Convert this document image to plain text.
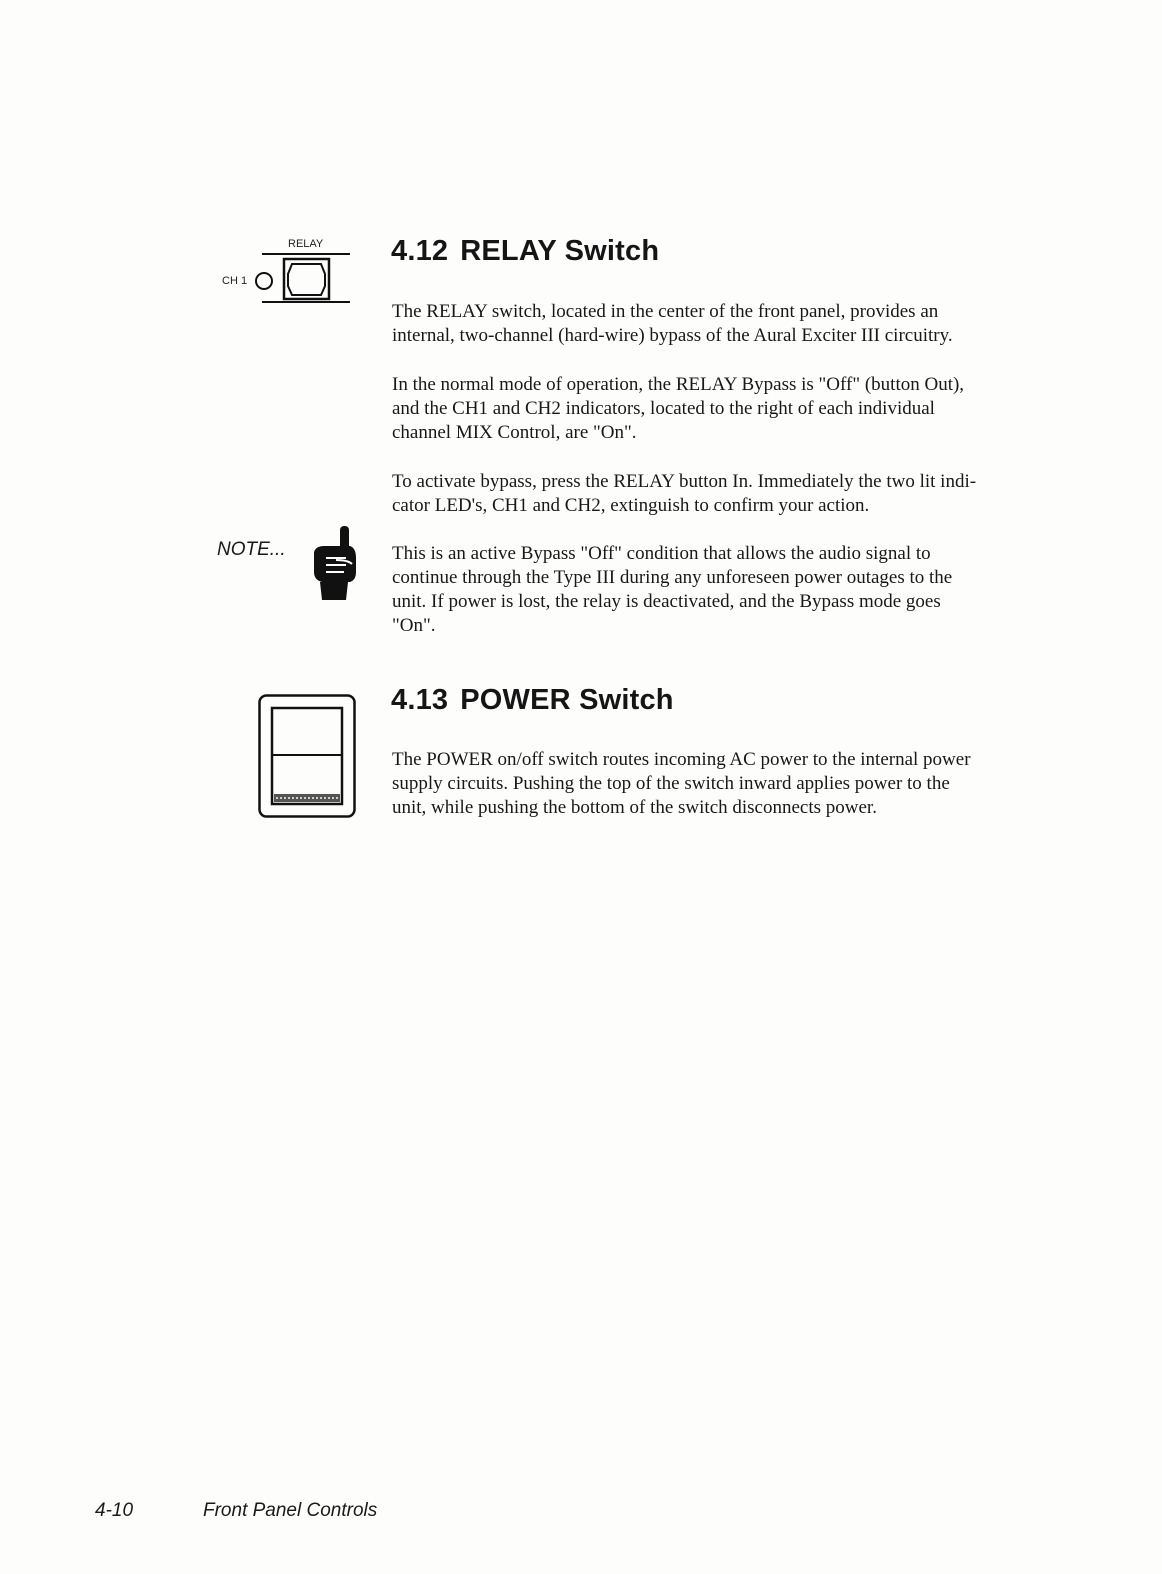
RELAY
CH 1
4.12 RELAY Switch
The RELAY switch, located in the center of the front panel, provides an
internal, two-channel (hard-wire) bypass of the Aural Exciter III circuitry.
In the normal mode of operation, the RELAY Bypass is "Off" (button Out),
and the CH1 and CH2 indicators, located to the right of each individual
channel MIX Control, are "On".
To activate bypass, press the RELAY button In. Immediately the two lit indi-
cator LED's, CH1 and CH2, extinguish to confirm your action.
NOTE...	This is an active Bypass "Off" condition that allows the audio signal to
continue through the Type III during any unforeseen power outages to the
unit. If power is lost, the relay is deactivated, and the Bypass mode goes
"On".
4.13 POWER Switch
The POWER on/off switch routes incoming AC power to the internal power
supply circuits. Pushing the top of the switch inward applies power to the
unit, while pushing the bottom of the switch disconnects power.
4-10	Front Panel Controls
